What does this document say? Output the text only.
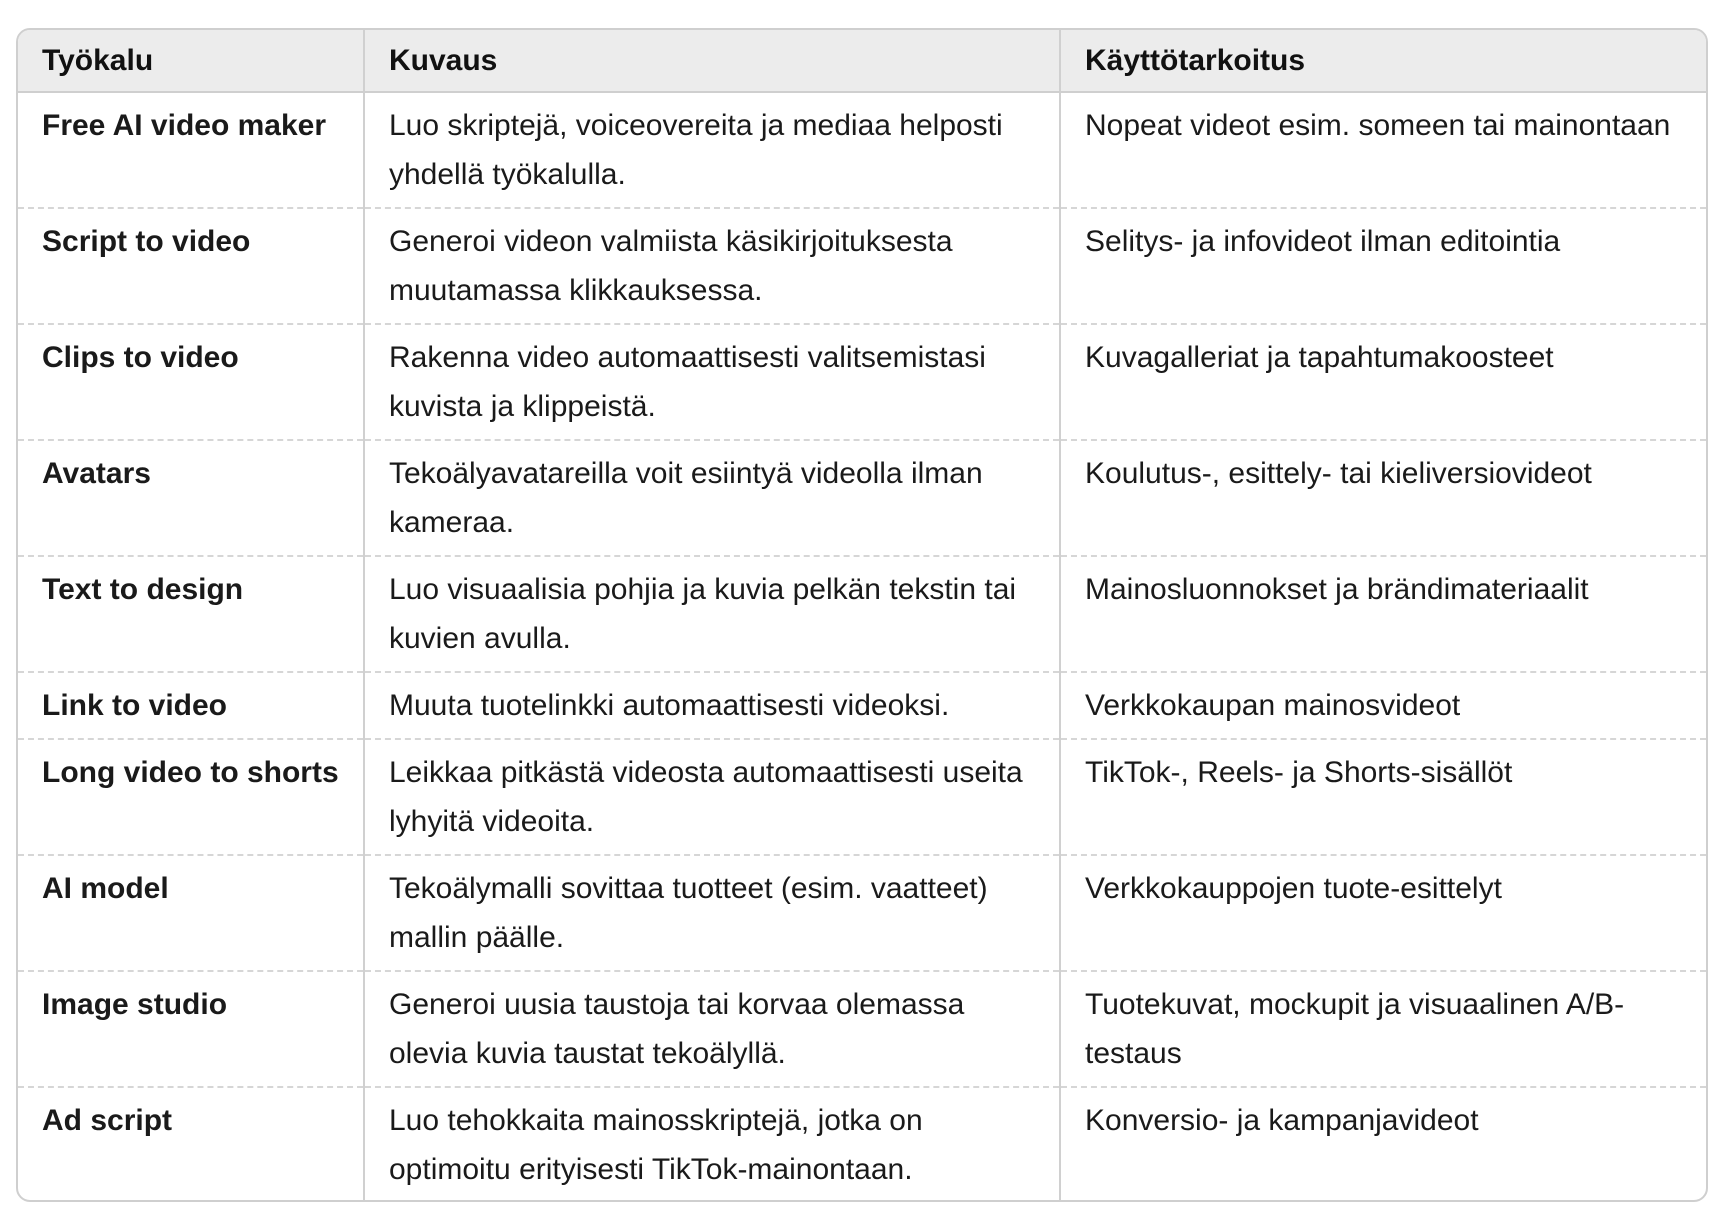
Työkalu	Kuvaus	Käyttötarkoitus
Free AI video maker	Luo skriptejä, voiceovereita ja mediaa helposti yhdellä työkalulla.	Nopeat videot esim. someen tai mainontaan
Script to video	Generoi videon valmiista käsikirjoituksesta muutamassa klikkauksessa.	Selitys- ja infovideot ilman editointia
Clips to video	Rakenna video automaattisesti valitsemistasi kuvista ja klippeistä.	Kuvagalleriat ja tapahtumakoosteet
Avatars	Tekoälyavatareilla voit esiintyä videolla ilman kameraa.	Koulutus-, esittely- tai kieliversiovideot
Text to design	Luo visuaalisia pohjia ja kuvia pelkän tekstin tai kuvien avulla.	Mainosluonnokset ja brändimateriaalit
Link to video	Muuta tuotelinkki automaattisesti videoksi.	Verkkokaupan mainosvideot
Long video to shorts	Leikkaa pitkästä videosta automaattisesti useita lyhyitä videoita.	TikTok-, Reels- ja Shorts-sisällöt
AI model	Tekoälymalli sovittaa tuotteet (esim. vaatteet) mallin päälle.	Verkkokauppojen tuote-esittelyt
Image studio	Generoi uusia taustoja tai korvaa olemassa olevia kuvia taustat tekoälyllä.	Tuotekuvat, mockupit ja visuaalinen A/B-testaus
Ad script	Luo tehokkaita mainosskriptejä, jotka on optimoitu erityisesti TikTok-mainontaan.	Konversio- ja kampanjavideot
